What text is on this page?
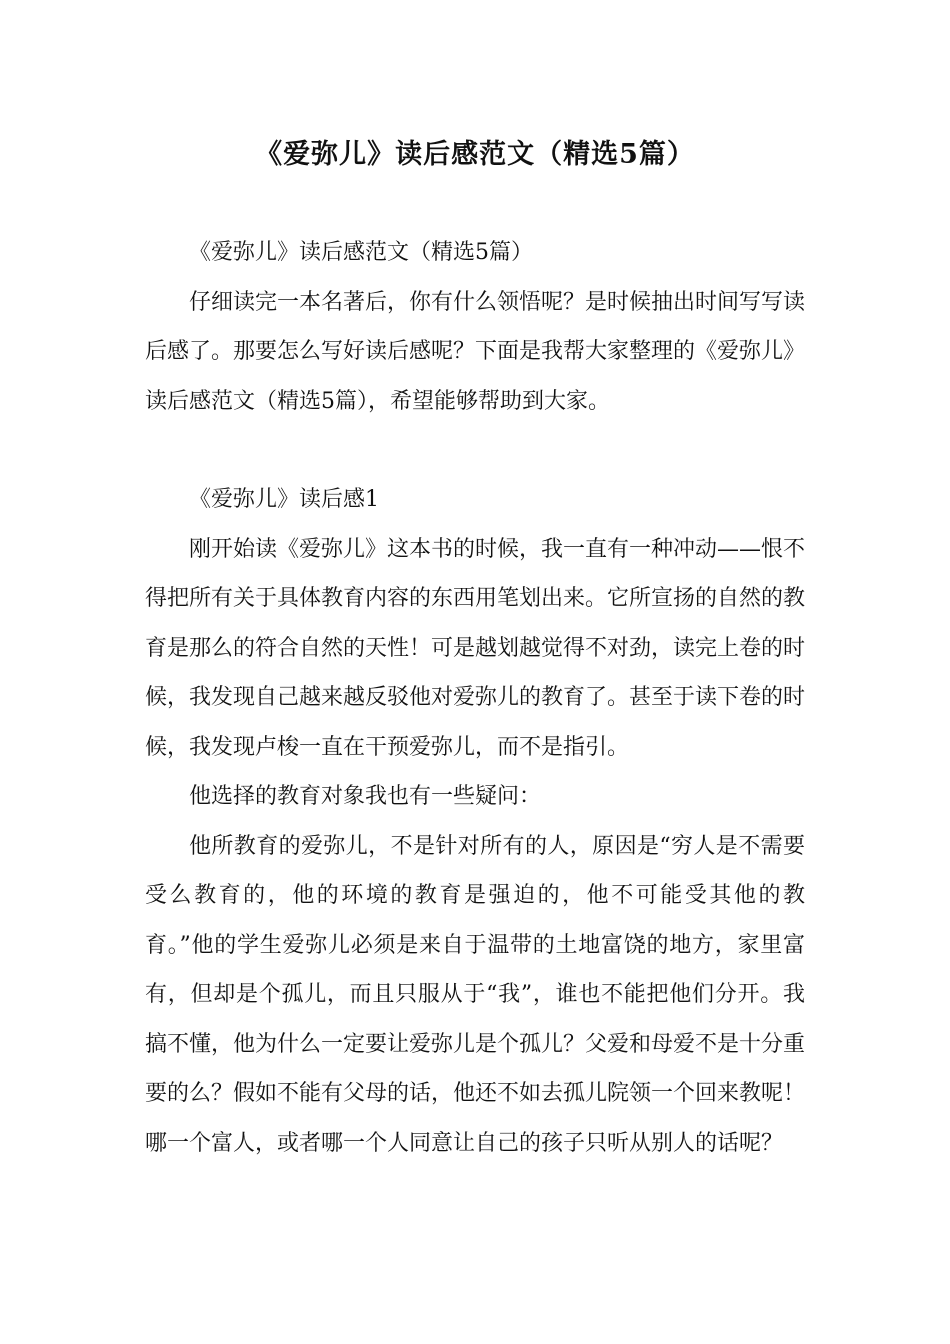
《爱弥儿》读后感范文（精选5篇）

《爱弥儿》读后感范文（精选5篇）

仔细读完一本名著后，你有什么领悟呢？是时候抽出时间写写读后感了。那要怎么写好读后感呢？下面是我帮大家整理的《爱弥儿》读后感范文（精选5篇），希望能够帮助到大家。

《爱弥儿》读后感1

刚开始读《爱弥儿》这本书的时候，我一直有一种冲动——恨不得把所有关于具体教育内容的东西用笔划出来。它所宣扬的自然的教育是那么的符合自然的天性！可是越划越觉得不对劲，读完上卷的时候，我发现自己越来越反驳他对爱弥儿的教育了。甚至于读下卷的时候，我发现卢梭一直在干预爱弥儿，而不是指引。

他选择的教育对象我也有一些疑问：

他所教育的爱弥儿，不是针对所有的人，原因是“穷人是不需要受么教育的，他的环境的教育是强迫的，他不可能受其他的教育。”他的学生爱弥儿必须是来自于温带的土地富饶的地方，家里富有，但却是个孤儿，而且只服从于“我”，谁也不能把他们分开。我搞不懂，他为什么一定要让爱弥儿是个孤儿？父爱和母爱不是十分重要的么？假如不能有父母的话，他还不如去孤儿院领一个回来教呢！哪一个富人，或者哪一个人同意让自己的孩子只听从别人的话呢？
